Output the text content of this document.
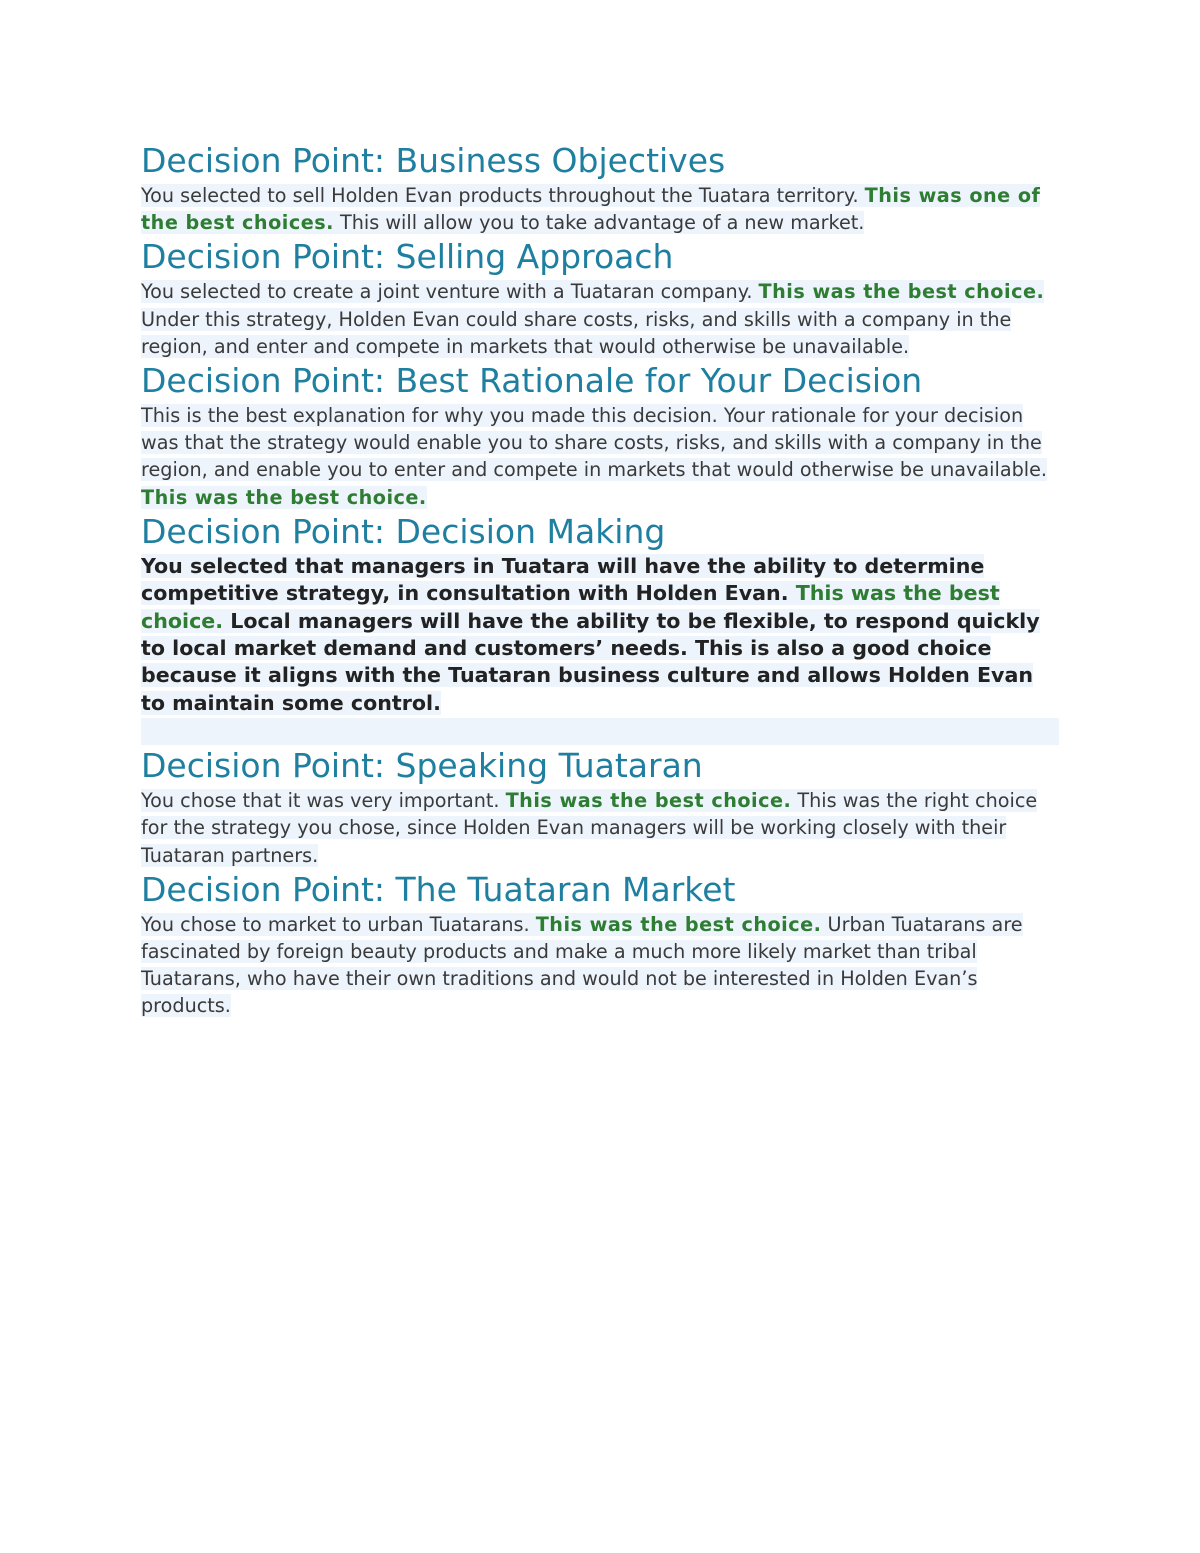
Decision Point: Business Objectives

You selected to sell Holden Evan products throughout the Tuatara territory. This was one of the best choices. This will allow you to take advantage of a new market.

Decision Point: Selling Approach

You selected to create a joint venture with a Tuataran company. This was the best choice. Under this strategy, Holden Evan could share costs, risks, and skills with a company in the region, and enter and compete in markets that would otherwise be unavailable.

Decision Point: Best Rationale for Your Decision

This is the best explanation for why you made this decision. Your rationale for your decision was that the strategy would enable you to share costs, risks, and skills with a company in the region, and enable you to enter and compete in markets that would otherwise be unavailable. This was the best choice.

Decision Point: Decision Making

You selected that managers in Tuatara will have the ability to determine competitive strategy, in consultation with Holden Evan. This was the best choice. Local managers will have the ability to be flexible, to respond quickly to local market demand and customers’ needs. This is also a good choice because it aligns with the Tuataran business culture and allows Holden Evan to maintain some control.

Decision Point: Speaking Tuataran

You chose that it was very important. This was the best choice. This was the right choice for the strategy you chose, since Holden Evan managers will be working closely with their Tuataran partners.

Decision Point: The Tuataran Market

You chose to market to urban Tuatarans. This was the best choice. Urban Tuatarans are fascinated by foreign beauty products and make a much more likely market than tribal Tuatarans, who have their own traditions and would not be interested in Holden Evan’s products.
